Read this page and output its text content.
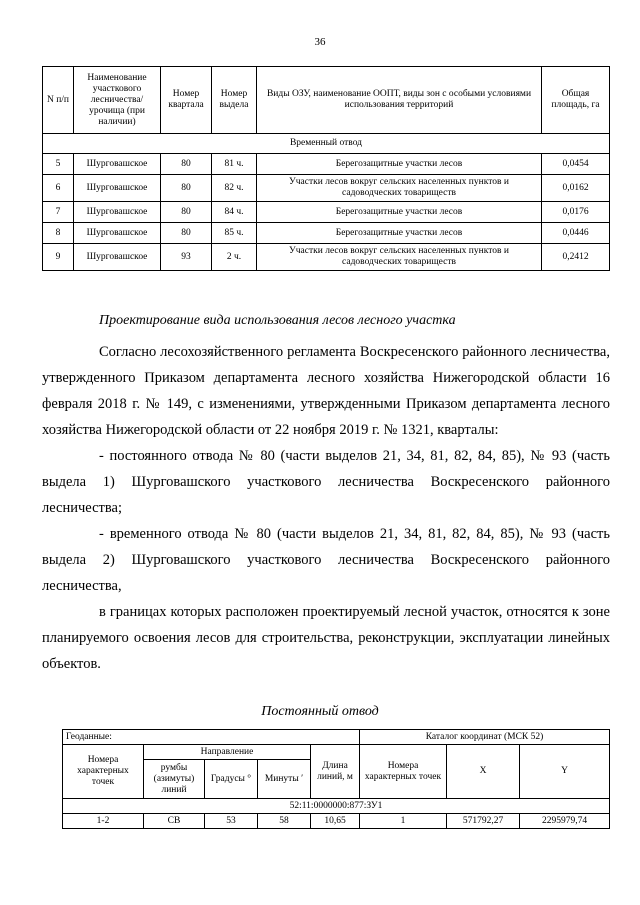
36
N п/п	Наименование участкового лесничества/урочища (при наличии)	Номер квартала	Номер выдела	Виды ОЗУ, наименование ООПТ, виды зон с особыми условиями использования территорий	Общая площадь, га
Временный отвод					
5	Шурговашское	80	81 ч.	Берегозащитные участки лесов	0,0454
6	Шурговашское	80	82 ч.	Участки лесов вокруг сельских населенных пунктов и садоводческих товариществ	0,0162
7	Шурговашское	80	84 ч.	Берегозащитные участки лесов	0,0176
8	Шурговашское	80	85 ч.	Берегозащитные участки лесов	0,0446
9	Шурговашское	93	2 ч.	Участки лесов вокруг сельских населенных пунктов и садоводческих товариществ	0,2412

Проектирование вида использования лесов лесного участка

Согласно лесохозяйственного регламента Воскресенского районного лесничества, утвержденного Приказом департамента лесного хозяйства Нижегородской области 16 февраля 2018 г. № 149, с изменениями, утвержденными Приказом департамента лесного хозяйства Нижегородской области от 22 ноября 2019 г. № 1321, кварталы:

- постоянного отвода № 80 (части выделов 21, 34, 81, 82, 84, 85), № 93 (часть выдела 1) Шурговашского участкового лесничества Воскресенского районного лесничества;

- временного отвода № 80 (части выделов 21, 34, 81, 82, 84, 85), № 93 (часть выдела 2) Шурговашского участкового лесничества Воскресенского районного лесничества,

в границах которых расположен проектируемый лесной участок, относятся к зоне планируемого освоения лесов для строительства, реконструкции, эксплуатации линейных объектов.

Постоянный отвод

Геоданные:					Каталог координат (МСК 52)		
Номера характерных точек	Направление			Длина линий, м	Номера характерных точек	X	Y
	румбы (азимуты) линий	Градусы °	Минуты ′				
52:11:0000000:877:ЗУ1							
1-2	СВ	53	58	10,65	1	571792,27	2295979,74
